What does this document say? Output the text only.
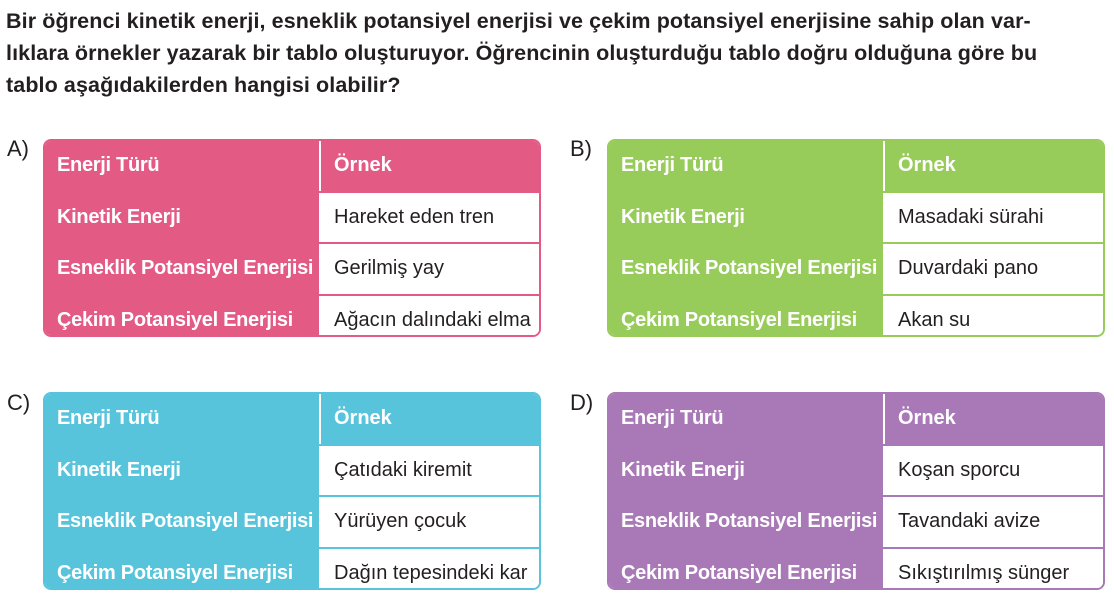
Bir öğrenci kinetik enerji, esneklik potansiyel enerjisi ve çekim potansiyel enerjisine sahip olan var-
lıklara örnekler yazarak bir tablo oluşturuyor. Öğrencinin oluşturduğu tablo doğru olduğuna göre bu
tablo aşağıdakilerden hangisi olabilir?
A)
Enerji Türü	Örnek
Kinetik Enerji	Hareket eden tren
Esneklik Potansiyel Enerjisi	Gerilmiş yay
Çekim Potansiyel Enerjisi	Ağacın dalındaki elma
B)
Enerji Türü	Örnek
Kinetik Enerji	Masadaki sürahi
Esneklik Potansiyel Enerjisi	Duvardaki pano
Çekim Potansiyel Enerjisi	Akan su
C)
Enerji Türü	Örnek
Kinetik Enerji	Çatıdaki kiremit
Esneklik Potansiyel Enerjisi	Yürüyen çocuk
Çekim Potansiyel Enerjisi	Dağın tepesindeki kar
D)
Enerji Türü	Örnek
Kinetik Enerji	Koşan sporcu
Esneklik Potansiyel Enerjisi	Tavandaki avize
Çekim Potansiyel Enerjisi	Sıkıştırılmış sünger
